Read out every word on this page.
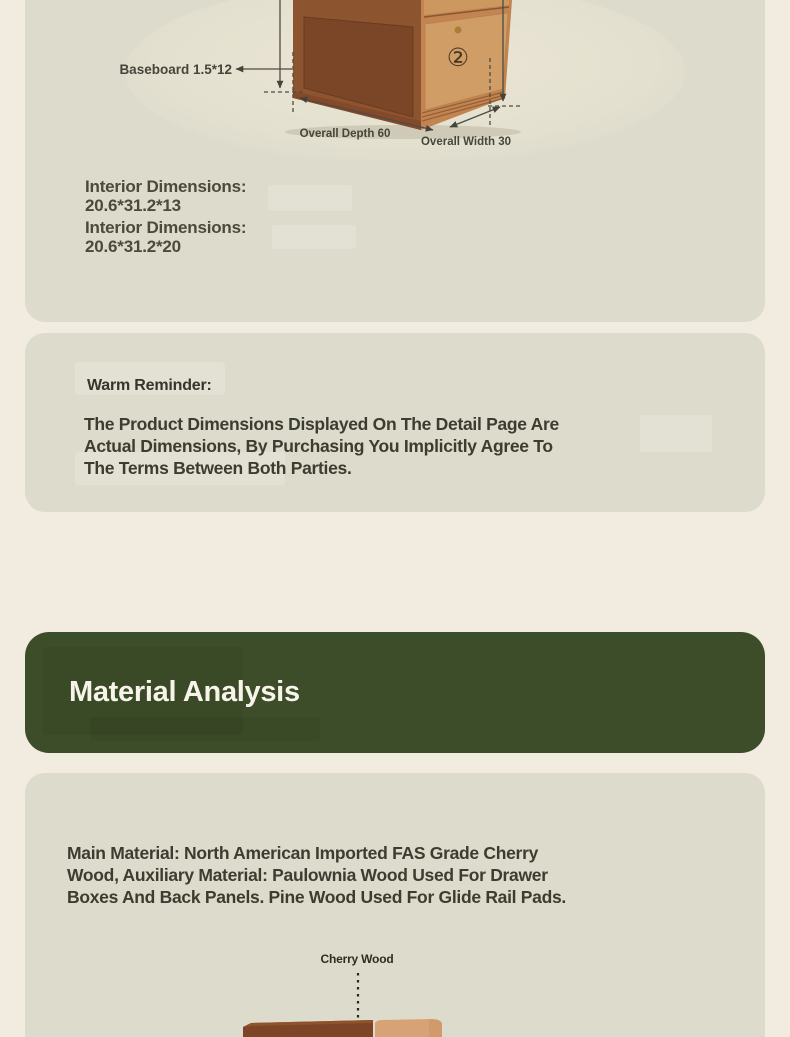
②
Baseboard 1.5*12
Overall Depth 60
Overall Width 30
Interior Dimensions:
20.6*31.2*13
Interior Dimensions:
20.6*31.2*20
Warm Reminder:
The Product Dimensions Displayed On The Detail Page Are
Actual Dimensions, By Purchasing You Implicitly Agree To
The Terms Between Both Parties.
Material Analysis
Main Material: North American Imported FAS Grade Cherry
Wood, Auxiliary Material: Paulownia Wood Used For Drawer
Boxes And Back Panels. Pine Wood Used For Glide Rail Pads.
Cherry Wood
